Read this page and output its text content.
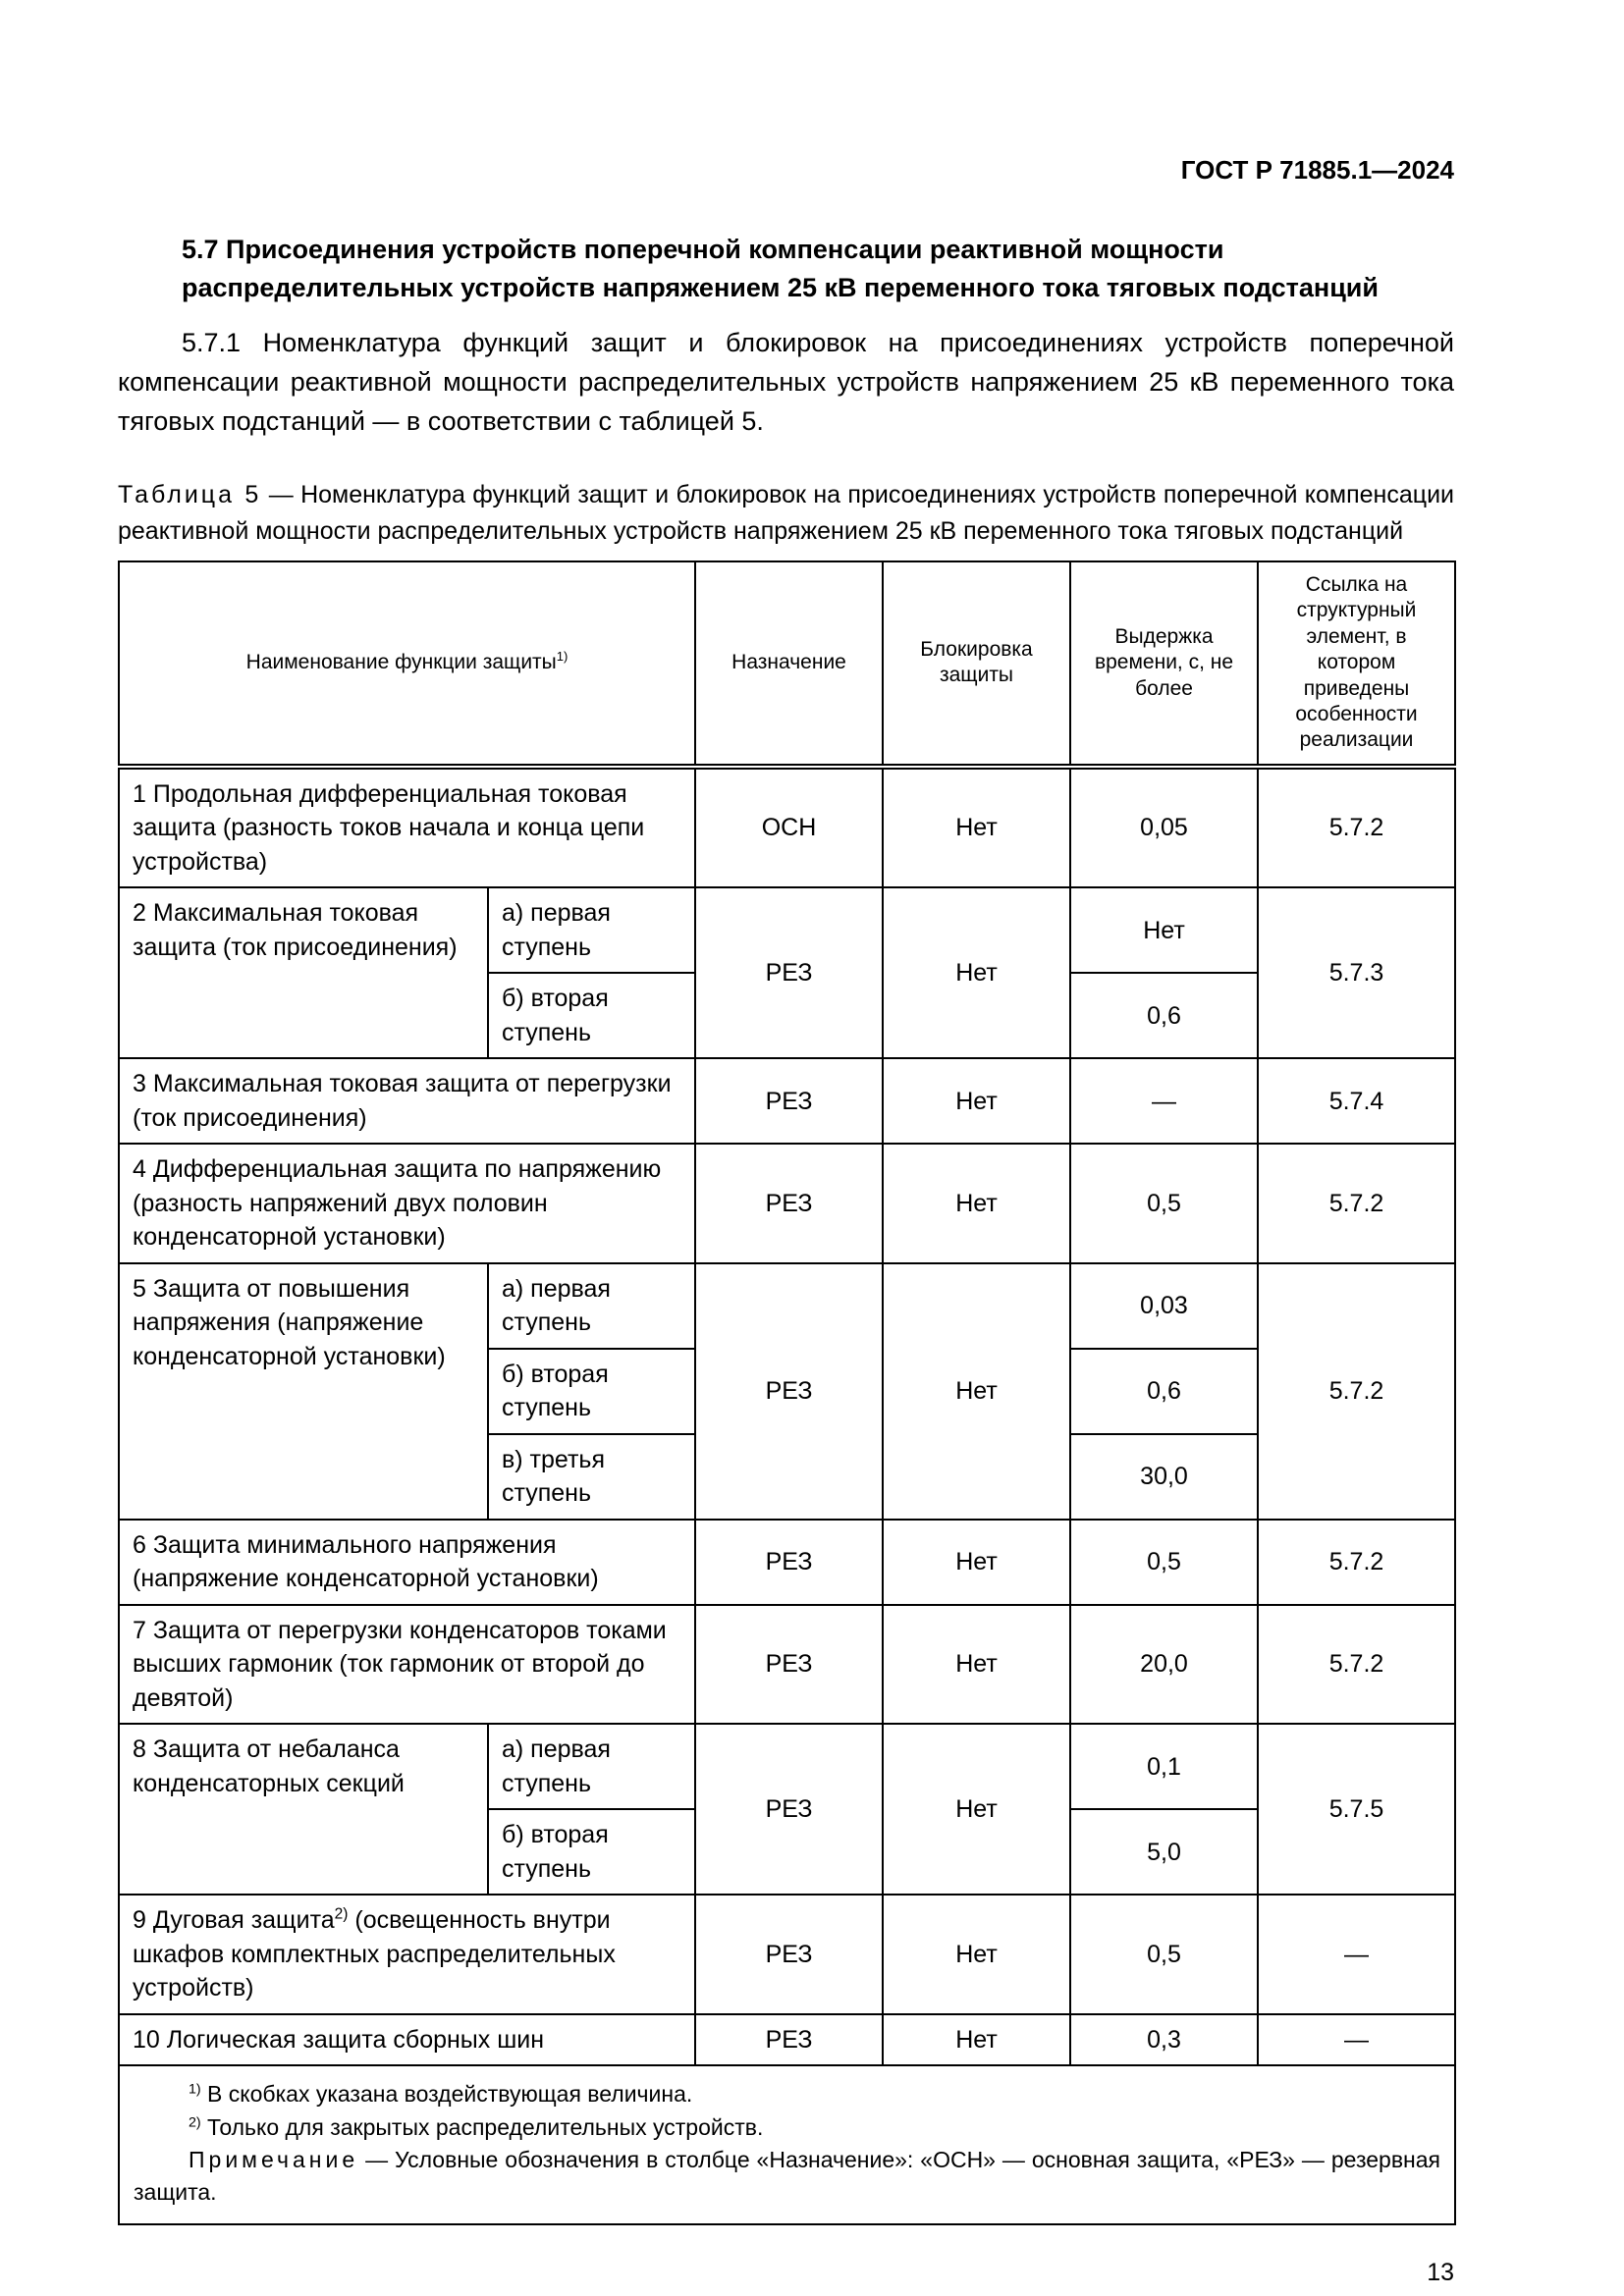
ГОСТ Р 71885.1—2024
5.7 Присоединения устройств поперечной компенсации реактивной мощности распределительных устройств напряжением 25 кВ переменного тока тяговых подстанций

5.7.1 Номенклатура функций защит и блокировок на присоединениях устройств поперечной компенсации реактивной мощности распределительных устройств напряжением 25 кВ переменного тока тяговых подстанций — в соответствии с таблицей 5.

Таблица 5 — Номенклатура функций защит и блокировок на присоединениях устройств поперечной компенсации реактивной мощности распределительных устройств напряжением 25 кВ переменного тока тяговых подстанций

Наименование функции защиты$^{1)}$		Назначение	Блокировка защиты	Выдержка времени, с, не более	Ссылка на структурный элемент, в котором приведены особенности реализации
1 Продольная дифференциальная токовая защита (разность токов начала и конца цепи устройства)		ОСН	Нет	0,05	5.7.2
2 Максимальная токовая защита (ток присоединения)	а) первая ступень	РЕЗ	Нет	Нет	5.7.3
	б) вторая ступень			0,6	
3 Максимальная токовая защита от перегрузки (ток присоединения)		РЕЗ	Нет	—	5.7.4
4 Дифференциальная защита по напряжению (разность напряжений двух половин конденсаторной установки)		РЕЗ	Нет	0,5	5.7.2
5 Защита от повышения напряжения (напряжение конденсаторной установки)	а) первая ступень	РЕЗ	Нет	0,03	5.7.2
	б) вторая ступень			0,6	
	в) третья ступень			30,0	
6 Защита минимального напряжения (напряжение конденсаторной установки)		РЕЗ	Нет	0,5	5.7.2
7 Защита от перегрузки конденсаторов токами высших гармоник (ток гармоник от второй до девятой)		РЕЗ	Нет	20,0	5.7.2
8 Защита от небаланса конденсаторных секций	а) первая ступень	РЕЗ	Нет	0,1	5.7.5
	б) вторая ступень			5,0	
9 Дуговая защита$^{2)}$ (освещенность внутри шкафов комплектных распределительных устройств)		РЕЗ	Нет	0,5	—
10 Логическая защита сборных шин		РЕЗ	Нет	0,3	—

$^{1)}$ В скобках указана воздействующая величина.
$^{2)}$ Только для закрытых распределительных устройств.
Примечание — Условные обозначения в столбце «Назначение»: «ОСН» — основная защита, «РЕЗ» — резервная защита.					
13
